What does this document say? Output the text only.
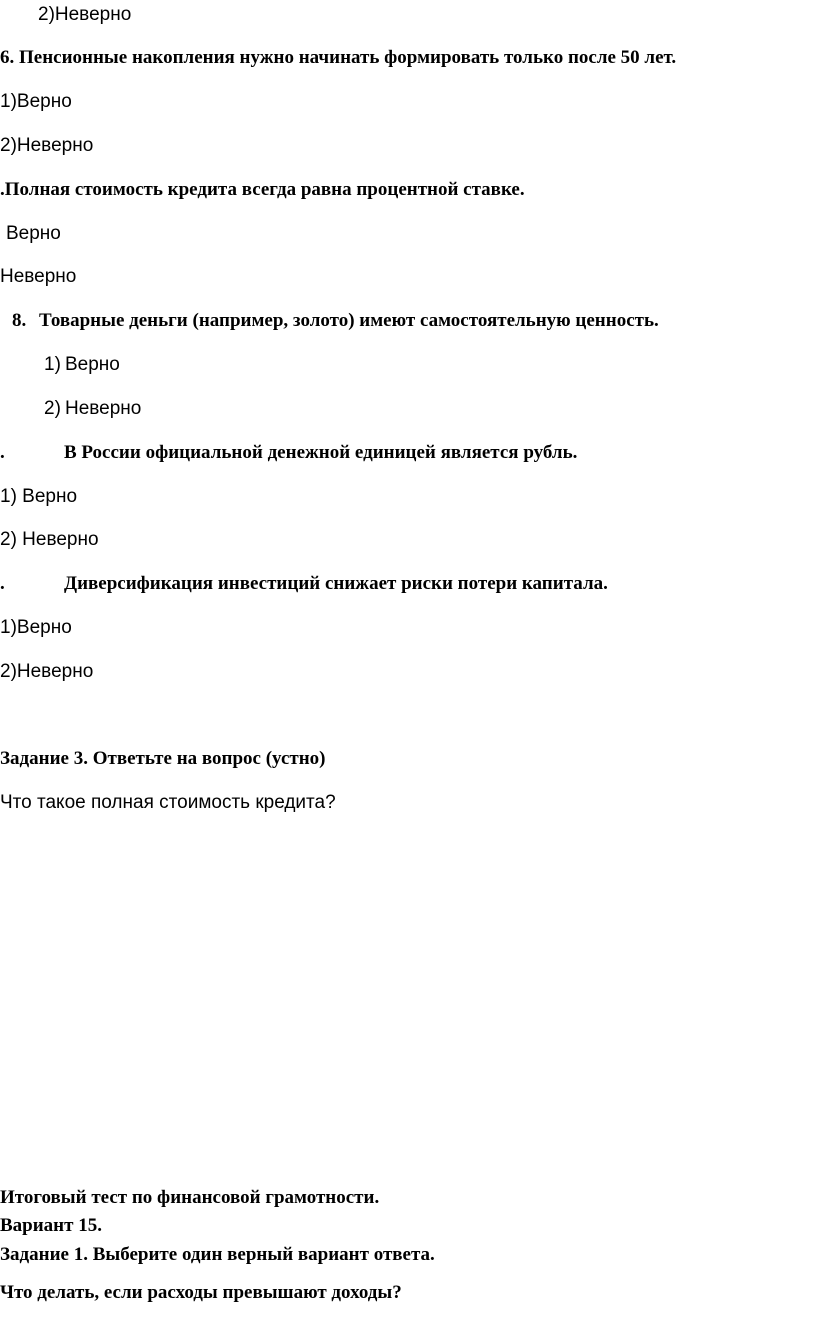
2)Неверно
6. Пенсионные накопления нужно начинать формировать только после 50 лет.
1)Верно
2)Неверно
.Полная стоимость кредита всегда равна процентной ставке.
Верно
Неверно
8. Товарные деньги (например, золото) имеют самостоятельную ценность.
1) Верно
2) Неверно
.	В России официальной денежной единицей является рубль.
1) Верно
2) Неверно
.	Диверсификация инвестиций снижает риски потери капитала.
1)Верно
2)Неверно
Задание 3. Ответьте на вопрос (устно)
Что такое полная стоимость кредита?
Итоговый тест по финансовой грамотности.
Вариант 15.
Задание 1. Выберите один верный вариант ответа.
Что делать, если расходы превышают доходы?
